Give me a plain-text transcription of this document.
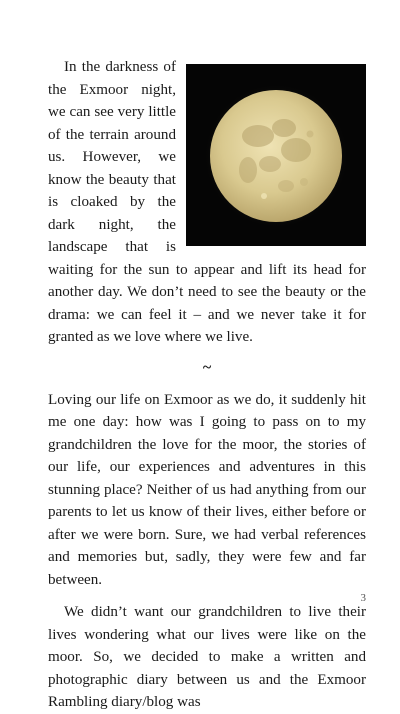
In the darkness of the Exmoor night, we can see very little of the terrain around us. However, we know the beauty that is cloaked by the dark night, the landscape that is waiting for the sun to appear and lift its head for another day. We don’t need to see the beauty or the drama: we can feel it – and we never take it for granted as we love where we live.

~

Loving our life on Exmoor as we do, it suddenly hit me one day: how was I going to pass on to my grandchildren the love for the moor, the stories of our life, our experiences and adventures in this stunning place? Neither of us had anything from our parents to let us know of their lives, either before or after we were born. Sure, we had verbal references and memories but, sadly, they were few and far between.

We didn’t want our grandchildren to live their lives wondering what our lives were like on the moor. So, we decided to make a written and photographic diary between us and the Exmoor Rambling diary/blog was

3
